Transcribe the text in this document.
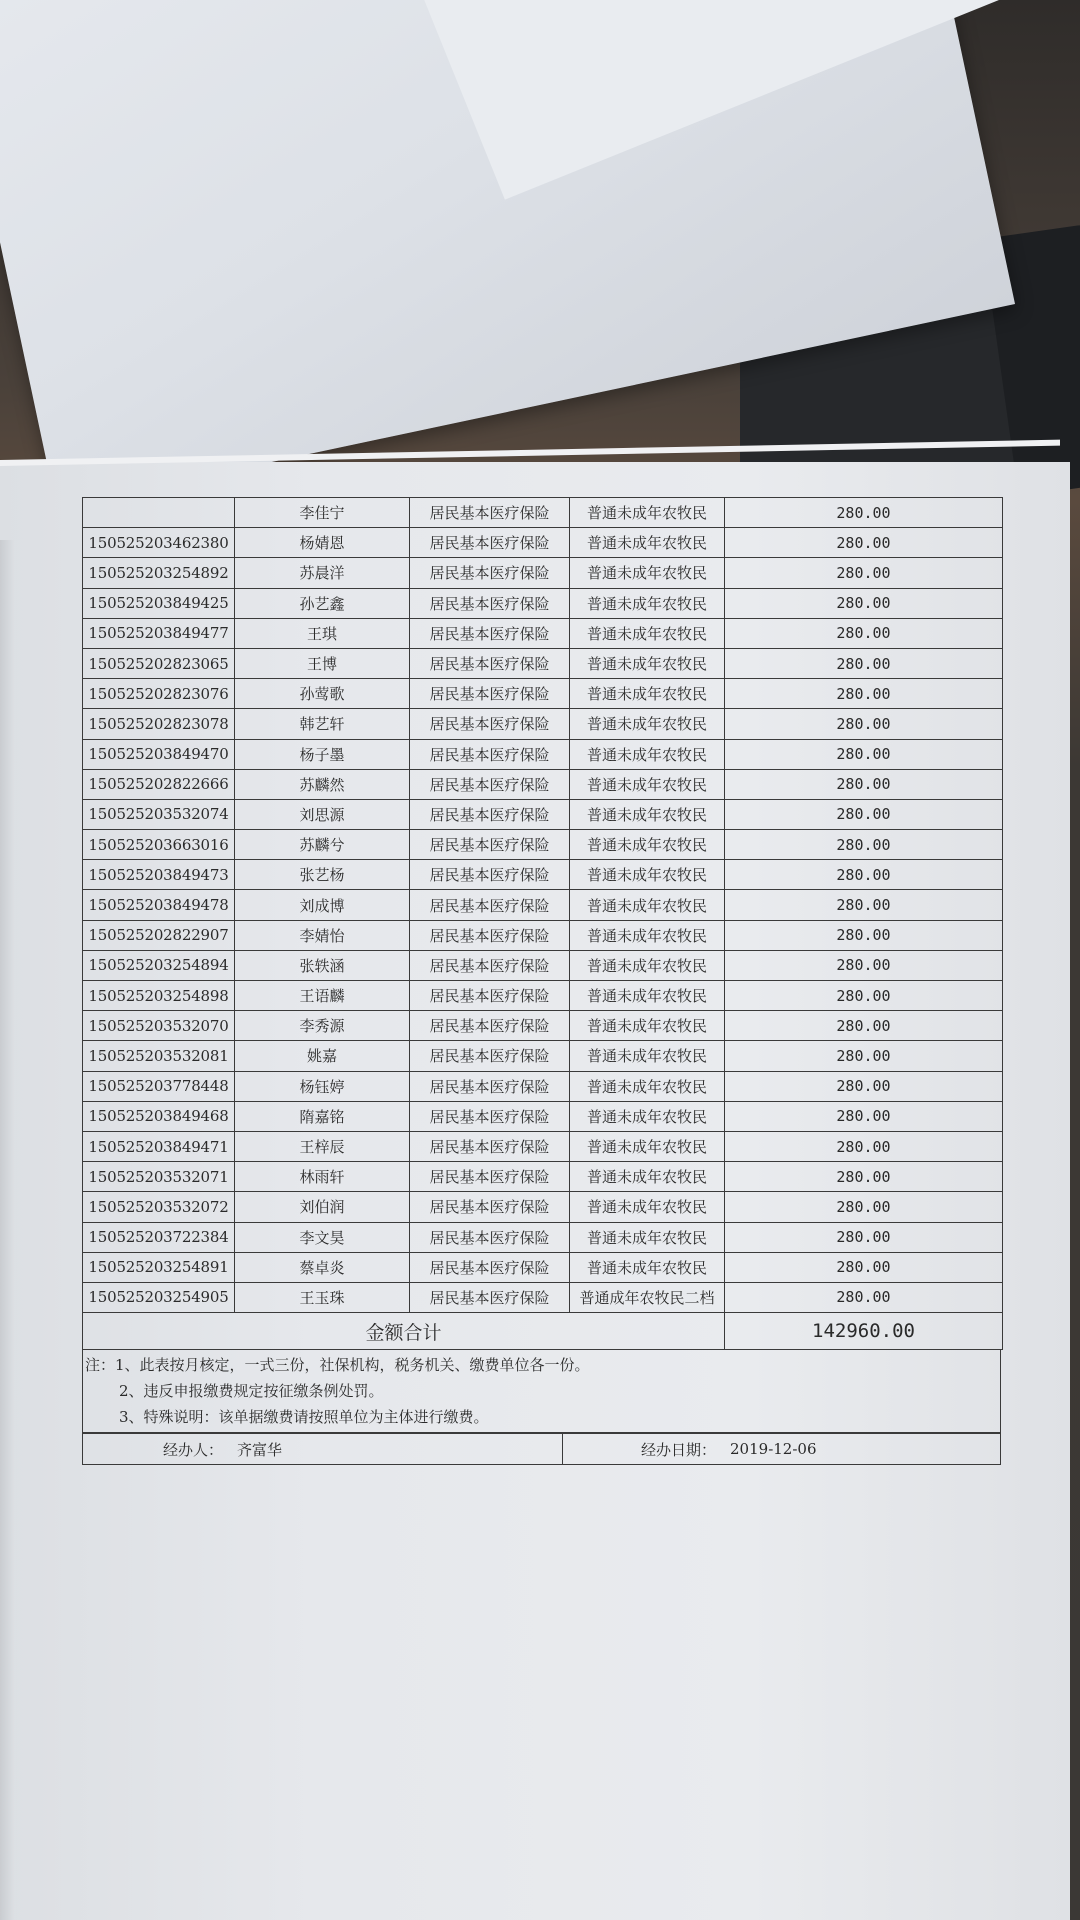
	李佳宁	居民基本医疗保险	普通未成年农牧民	280.00
150525203462380	杨婧恩	居民基本医疗保险	普通未成年农牧民	280.00
150525203254892	苏晨洋	居民基本医疗保险	普通未成年农牧民	280.00
150525203849425	孙艺鑫	居民基本医疗保险	普通未成年农牧民	280.00
150525203849477	王琪	居民基本医疗保险	普通未成年农牧民	280.00
150525202823065	王博	居民基本医疗保险	普通未成年农牧民	280.00
150525202823076	孙莺歌	居民基本医疗保险	普通未成年农牧民	280.00
150525202823078	韩艺轩	居民基本医疗保险	普通未成年农牧民	280.00
150525203849470	杨子墨	居民基本医疗保险	普通未成年农牧民	280.00
150525202822666	苏麟然	居民基本医疗保险	普通未成年农牧民	280.00
150525203532074	刘思源	居民基本医疗保险	普通未成年农牧民	280.00
150525203663016	苏麟兮	居民基本医疗保险	普通未成年农牧民	280.00
150525203849473	张艺杨	居民基本医疗保险	普通未成年农牧民	280.00
150525203849478	刘成博	居民基本医疗保险	普通未成年农牧民	280.00
150525202822907	李婧怡	居民基本医疗保险	普通未成年农牧民	280.00
150525203254894	张轶涵	居民基本医疗保险	普通未成年农牧民	280.00
150525203254898	王语麟	居民基本医疗保险	普通未成年农牧民	280.00
150525203532070	李秀源	居民基本医疗保险	普通未成年农牧民	280.00
150525203532081	姚嘉	居民基本医疗保险	普通未成年农牧民	280.00
150525203778448	杨钰婷	居民基本医疗保险	普通未成年农牧民	280.00
150525203849468	隋嘉铭	居民基本医疗保险	普通未成年农牧民	280.00
150525203849471	王梓辰	居民基本医疗保险	普通未成年农牧民	280.00
150525203532071	林雨轩	居民基本医疗保险	普通未成年农牧民	280.00
150525203532072	刘伯润	居民基本医疗保险	普通未成年农牧民	280.00
150525203722384	李文昊	居民基本医疗保险	普通未成年农牧民	280.00
150525203254891	蔡卓炎	居民基本医疗保险	普通未成年农牧民	280.00
150525203254905	王玉珠	居民基本医疗保险	普通成年农牧民二档	280.00
金额合计				142960.00
注：1、此表按月核定，一式三份，社保机构，税务机关、缴费单位各一份。
2、违反申报缴费规定按征缴条例处罚。
3、特殊说明：该单据缴费请按照单位为主体进行缴费。
经办人： 齐富华	经办日期： 2019-12-06
